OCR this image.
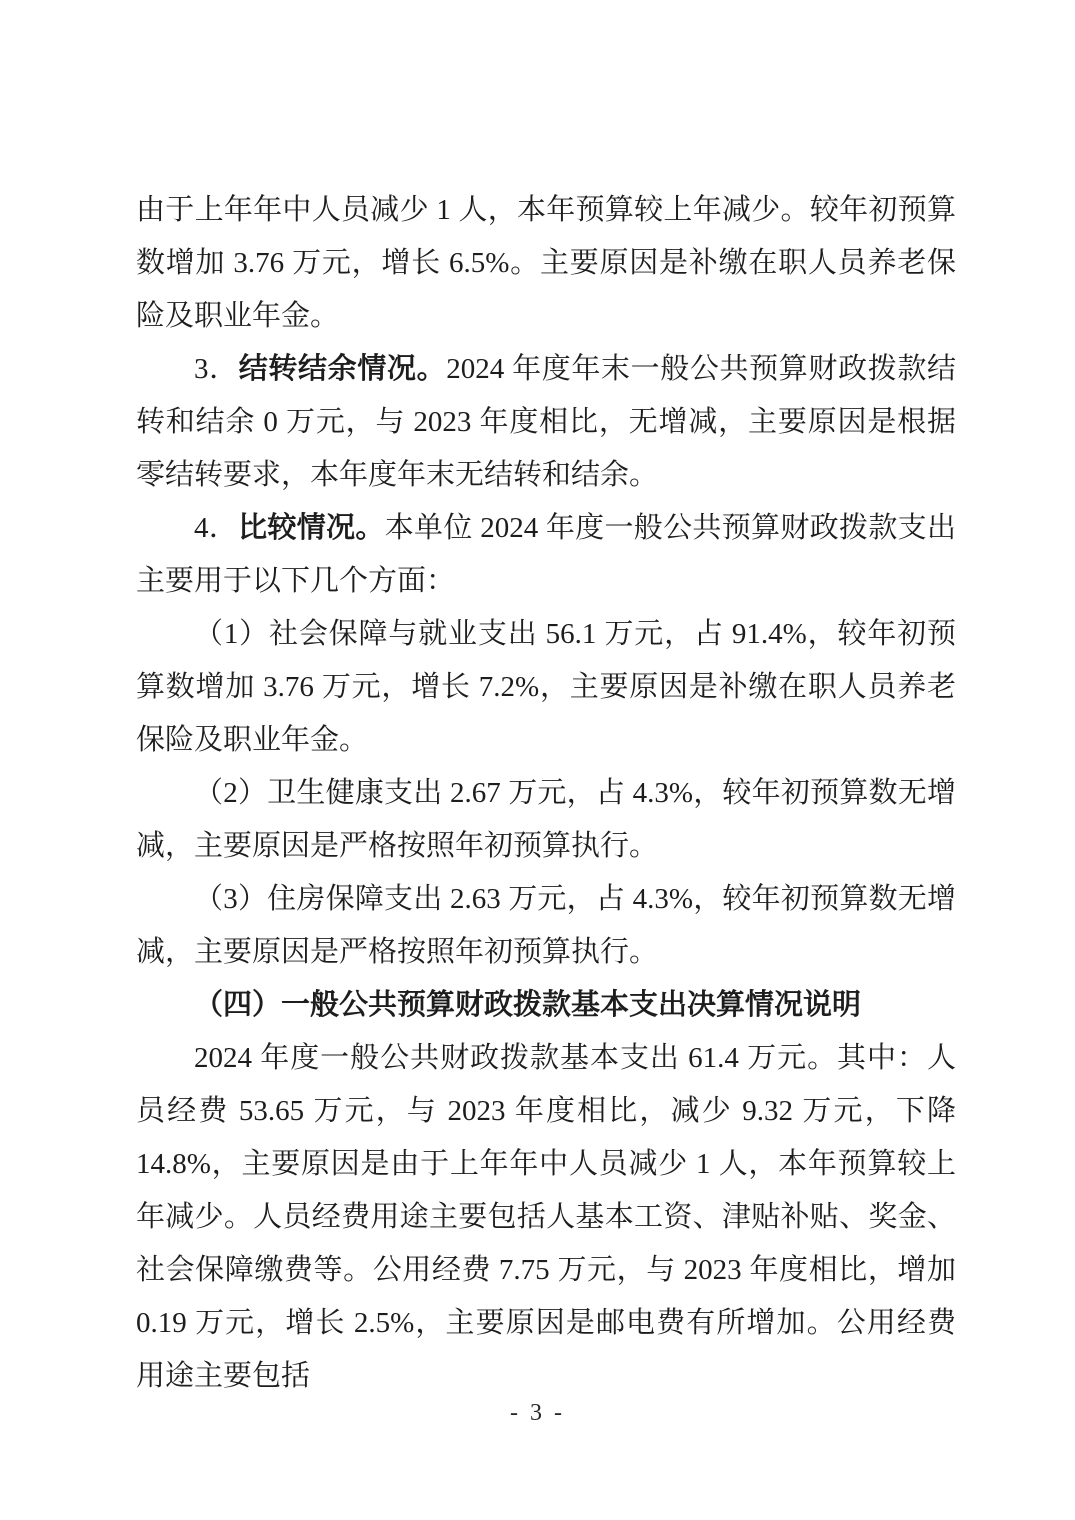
由于上年年中人员减少 1 人，本年预算较上年减少。较年初预算数增加 3.76 万元，增长 6.5%。主要原因是补缴在职人员养老保险及职业年金。

3．结转结余情况。2024 年度年末一般公共预算财政拨款结转和结余 0 万元，与 2023 年度相比，无增减，主要原因是根据零结转要求，本年度年末无结转和结余。

4．比较情况。本单位 2024 年度一般公共预算财政拨款支出主要用于以下几个方面：

（1）社会保障与就业支出 56.1 万元，占 91.4%，较年初预算数增加 3.76 万元，增长 7.2%，主要原因是补缴在职人员养老保险及职业年金。

（2）卫生健康支出 2.67 万元，占 4.3%，较年初预算数无增减，主要原因是严格按照年初预算执行。

（3）住房保障支出 2.63 万元，占 4.3%，较年初预算数无增减，主要原因是严格按照年初预算执行。

（四）一般公共预算财政拨款基本支出决算情况说明

2024 年度一般公共财政拨款基本支出 61.4 万元。其中：人员经费 53.65 万元，与 2023 年度相比，减少 9.32 万元，下降 14.8%，主要原因是由于上年年中人员减少 1 人，本年预算较上年减少。人员经费用途主要包括人基本工资、津贴补贴、奖金、社会保障缴费等。公用经费 7.75 万元，与 2023 年度相比，增加 0.19 万元，增长 2.5%，主要原因是邮电费有所增加。公用经费用途主要包括

- 3 -
